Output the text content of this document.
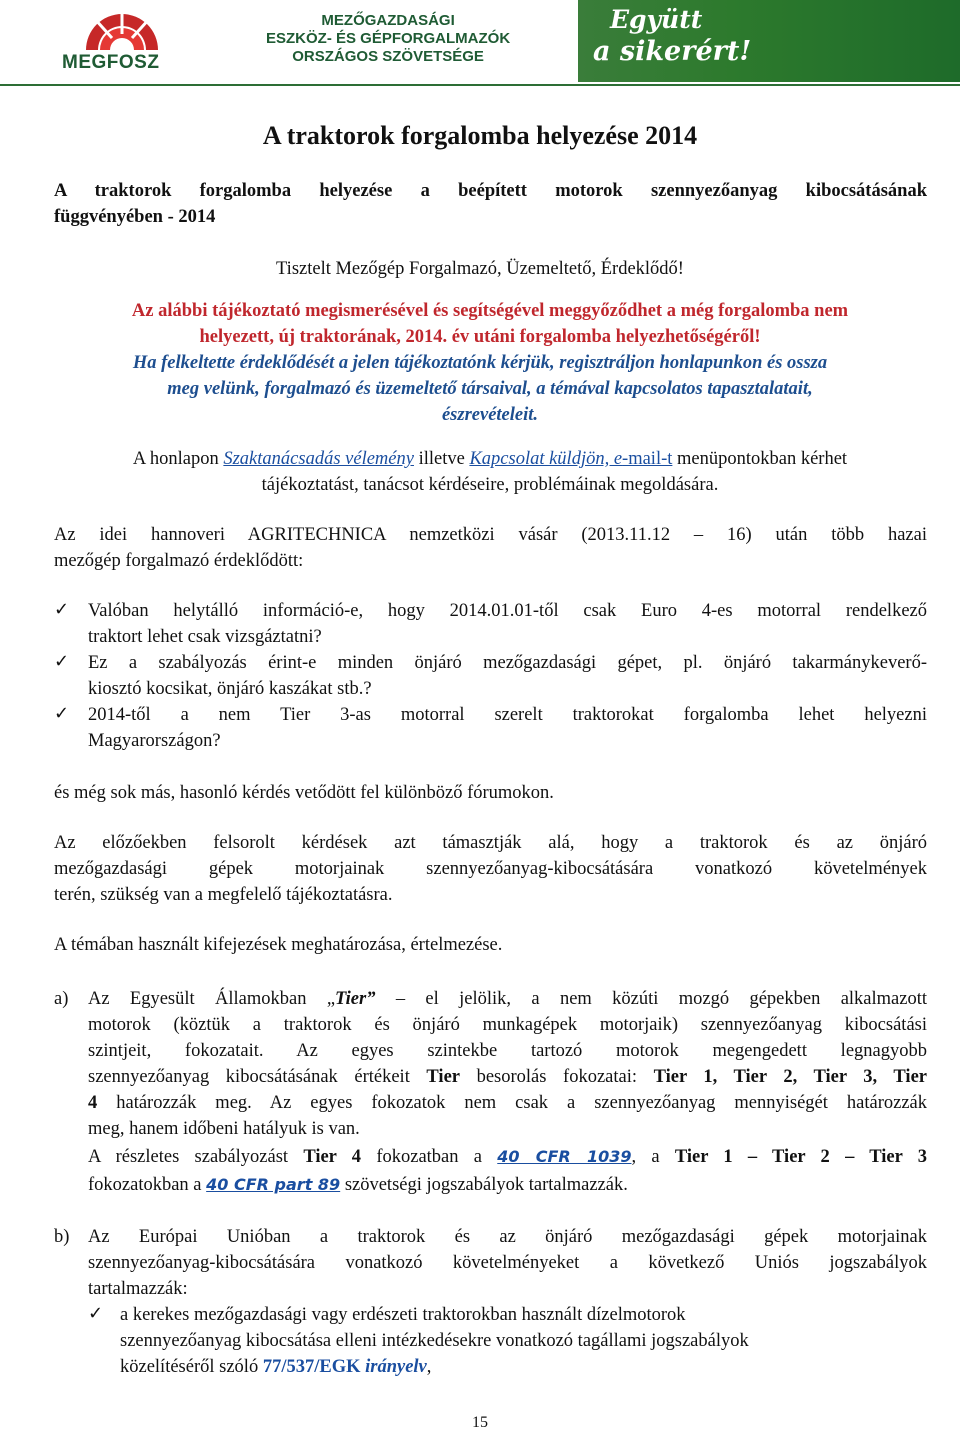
MEGFOSZ
MEZŐGAZDASÁGI
ESZKÖZ- ÉS GÉPFORGALMAZÓK
ORSZÁGOS SZÖVETSÉGE
Együtt
a sikerért!
A traktorok forgalomba helyezése 2014
A traktorok forgalomba helyezése a beépített motorok szennyezőanyag kibocsátásának
függvényében - 2014
Tisztelt Mezőgép Forgalmazó, Üzemeltető, Érdeklődő!
Az alábbi tájékoztató megismerésével és segítségével meggyőződhet a még forgalomba nem
helyezett, új traktorának, 2014. év utáni forgalomba helyezhetőségéről!
Ha felkeltette érdeklődését a jelen tájékoztatónk kérjük, regisztráljon honlapunkon és ossza
meg velünk, forgalmazó és üzemeltető társaival, a témával kapcsolatos tapasztalatait,
észrevételeit.
A honlapon Szaktanácsadás vélemény illetve Kapcsolat küldjön, e-mail-t menüpontokban kérhet
tájékoztatást, tanácsot kérdéseire, problémáinak megoldására.
Az idei hannoveri AGRITECHNICA nemzetközi vásár (2013.11.12 – 16) után több hazai
mezőgép forgalmazó érdeklődött:
✓ Valóban helytálló információ-e, hogy 2014.01.01-től csak Euro 4-es motorral rendelkező
traktort lehet csak vizsgáztatni?
✓ Ez a szabályozás érint-e minden önjáró mezőgazdasági gépet, pl. önjáró takarmánykeverő-
kiosztó kocsikat, önjáró kaszákat stb.?
✓ 2014-től a nem Tier 3-as motorral szerelt traktorokat forgalomba lehet helyezni
Magyarországon?
és még sok más, hasonló kérdés vetődött fel különböző fórumokon.
Az előzőekben felsorolt kérdések azt támasztják alá, hogy a traktorok és az önjáró
mezőgazdasági gépek motorjainak szennyezőanyag-kibocsátására vonatkozó követelmények
terén, szükség van a megfelelő tájékoztatásra.
A témában használt kifejezések meghatározása, értelmezése.
a) Az Egyesült Államokban „Tier” – el jelölik, a nem közúti mozgó gépekben alkalmazott
motorok (köztük a traktorok és önjáró munkagépek motorjaik) szennyezőanyag kibocsátási
szintjeit, fokozatait. Az egyes szintekbe tartozó motorok megengedett legnagyobb
szennyezőanyag kibocsátásának értékeit Tier besorolás fokozatai: Tier 1, Tier 2, Tier 3, Tier
4 határozzák meg. Az egyes fokozatok nem csak a szennyezőanyag mennyiségét határozzák
meg, hanem időbeni hatályuk is van.
A részletes szabályozást Tier 4 fokozatban a 40 CFR 1039, a Tier 1 – Tier 2 – Tier 3
fokozatokban a 40 CFR part 89 szövetségi jogszabályok tartalmazzák.
b) Az Európai Unióban a traktorok és az önjáró mezőgazdasági gépek motorjainak
szennyezőanyag-kibocsátására vonatkozó követelményeket a következő Uniós jogszabályok
tartalmazzák:
✓ a kerekes mezőgazdasági vagy erdészeti traktorokban használt dízelmotorok
szennyezőanyag kibocsátása elleni intézkedésekre vonatkozó tagállami jogszabályok
közelítéséről szóló 77/537/EGK irányelv,
15
